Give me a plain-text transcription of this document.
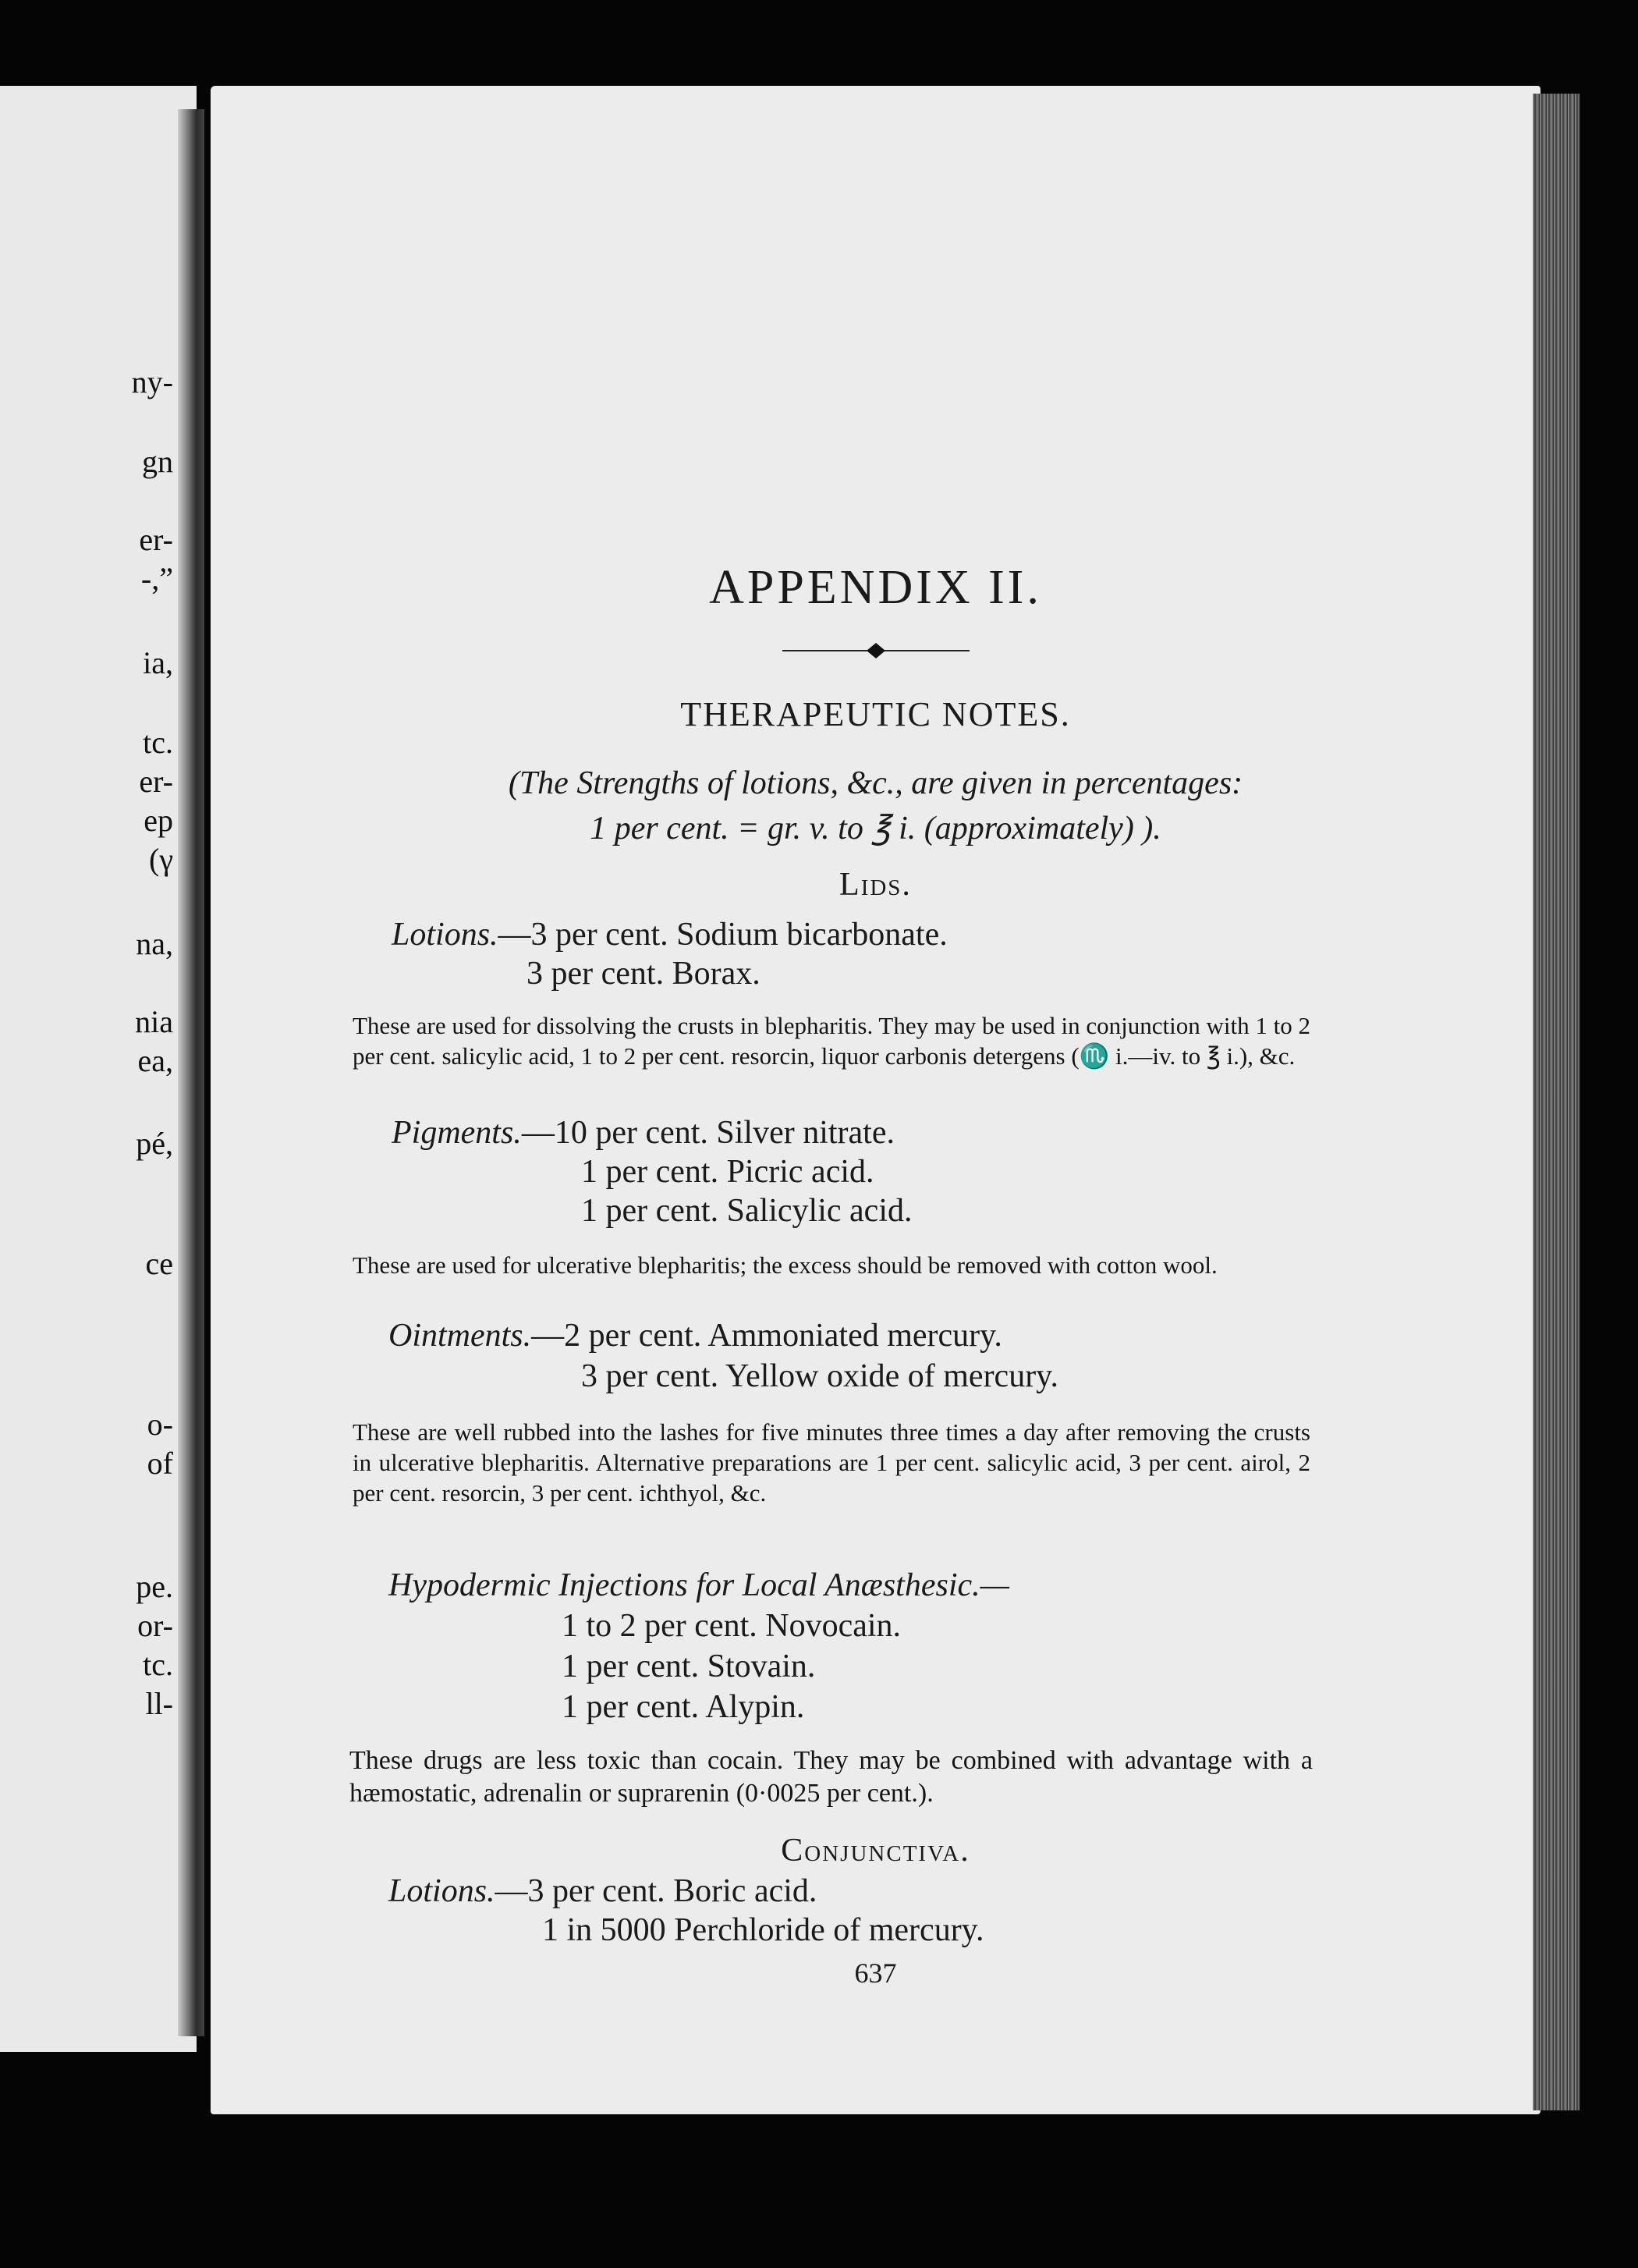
ny-
gn
er-
-,”
ia,
tc.
er-
ep
(γ
na,
nia
ea,
pé,
ce
o-
of
pe.
or-
tc.
ll-
APPENDIX II.
THERAPEUTIC NOTES.
(The Strengths of lotions, &c., are given in percentages:
1 per cent. = gr. v. to ℥ i. (approximately) ).
Lids.
Lotions.—3 per cent. Sodium bicarbonate.
3 per cent. Borax.
These are used for dissolving the crusts in blepharitis. They may be used in conjunction with 1 to 2 per cent. salicylic acid, 1 to 2 per cent. resorcin, liquor carbonis detergens (♏ i.—iv. to ℥ i.), &c.
Pigments.—10 per cent. Silver nitrate.
1 per cent. Picric acid.
1 per cent. Salicylic acid.
These are used for ulcerative blepharitis; the excess should be removed with cotton wool.
Ointments.—2 per cent. Ammoniated mercury.
3 per cent. Yellow oxide of mercury.
These are well rubbed into the lashes for five minutes three times a day after removing the crusts in ulcerative blepharitis. Alternative preparations are 1 per cent. salicylic acid, 3 per cent. airol, 2 per cent. resorcin, 3 per cent. ichthyol, &c.
Hypodermic Injections for Local Anæsthesic.—
1 to 2 per cent. Novocain.
1 per cent. Stovain.
1 per cent. Alypin.
These drugs are less toxic than cocain. They may be combined with advantage with a hæmostatic, adrenalin or suprarenin (0·0025 per cent.).
Conjunctiva.
Lotions.—3 per cent. Boric acid.
1 in 5000 Perchloride of mercury.
637
